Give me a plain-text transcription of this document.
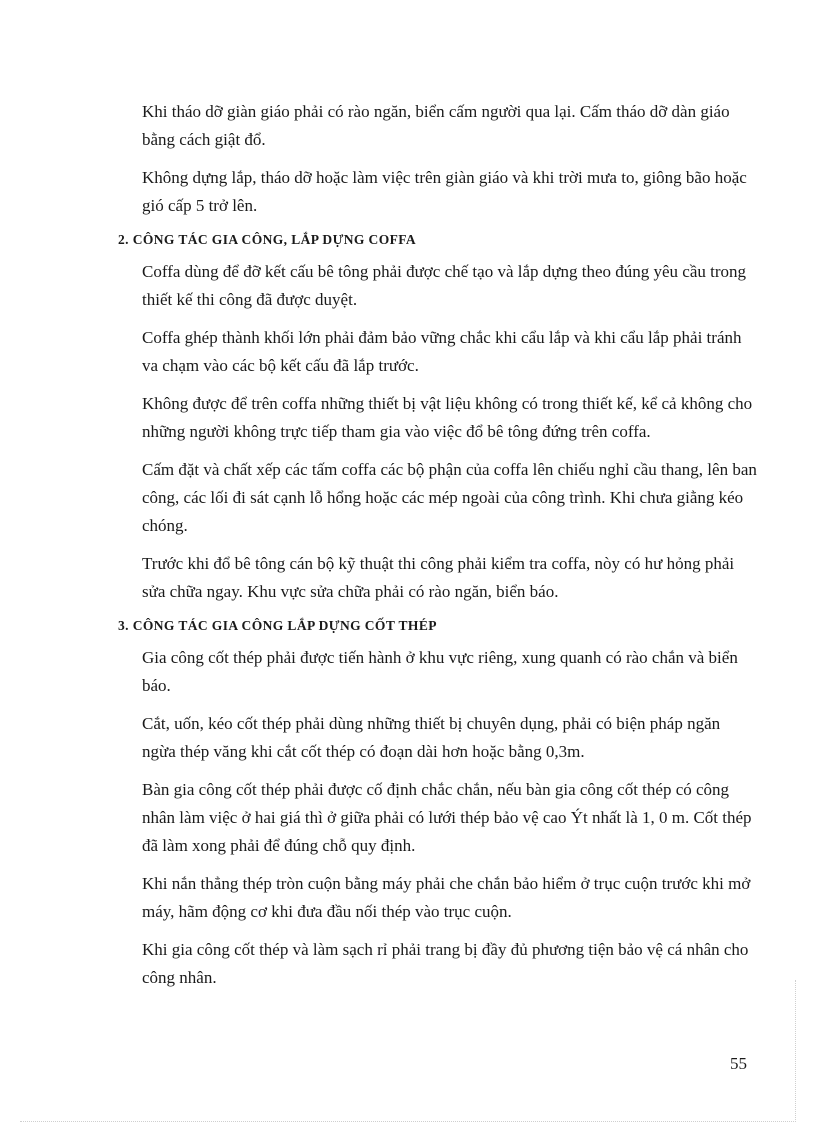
Khi tháo dỡ giàn giáo phải có rào ngăn, biển cấm người qua lại. Cấm tháo dỡ dàn giáo bằng cách giật đổ.

Không dựng lắp, tháo dỡ hoặc làm việc trên giàn giáo và khi trời mưa to, giông bão hoặc gió cấp 5 trở lên.

2. CÔNG TÁC GIA CÔNG, LẮP DỰNG COFFA

Coffa dùng để đỡ kết cấu bê tông phải được chế tạo và lắp dựng theo đúng yêu cầu trong thiết kế thi công đã được duyệt.

Coffa ghép thành khối lớn phải đảm bảo vững chắc khi cẩu lắp và khi cẩu lắp phải tránh va chạm vào các bộ kết cấu đã lắp trước.

Không được để trên coffa những thiết bị vật liệu không có trong thiết kế, kể cả không cho những người không trực tiếp tham gia vào việc đổ bê tông đứng trên coffa.

Cấm đặt và chất xếp các tấm coffa các bộ phận của coffa lên chiếu nghỉ cầu thang, lên ban công, các lối đi sát cạnh lỗ hổng hoặc các mép ngoài của công trình. Khi chưa giằng kéo chóng.

Trước khi đổ bê tông cán bộ kỹ thuật thi công phải kiểm tra coffa, nòy có hư hỏng phải sửa chữa ngay. Khu vực sửa chữa phải có rào ngăn, biển báo.

3. CÔNG TÁC GIA CÔNG LẮP DỰNG CỐT THÉP

Gia công cốt thép phải được tiến hành ở khu vực riêng, xung quanh có rào chắn và biển báo.

Cắt, uốn, kéo cốt thép phải dùng những thiết bị chuyên dụng, phải có biện pháp ngăn ngừa thép văng khi cắt cốt thép có đoạn dài hơn hoặc bằng 0,3m.

Bàn gia công cốt thép phải được cố định chắc chắn, nếu bàn gia công cốt thép có công nhân làm việc ở hai giá thì ở giữa phải có lưới thép bảo vệ cao Ýt nhất là 1, 0 m. Cốt thép đã làm xong phải để đúng chỗ quy định.

Khi nắn thẳng thép tròn cuộn bằng máy phải che chắn bảo hiểm ở trục cuộn trước khi mở máy, hãm động cơ khi đưa đầu nối thép vào trục cuộn.

Khi gia công cốt thép và làm sạch rỉ phải trang bị đầy đủ phương tiện bảo vệ cá nhân cho công nhân.

55
